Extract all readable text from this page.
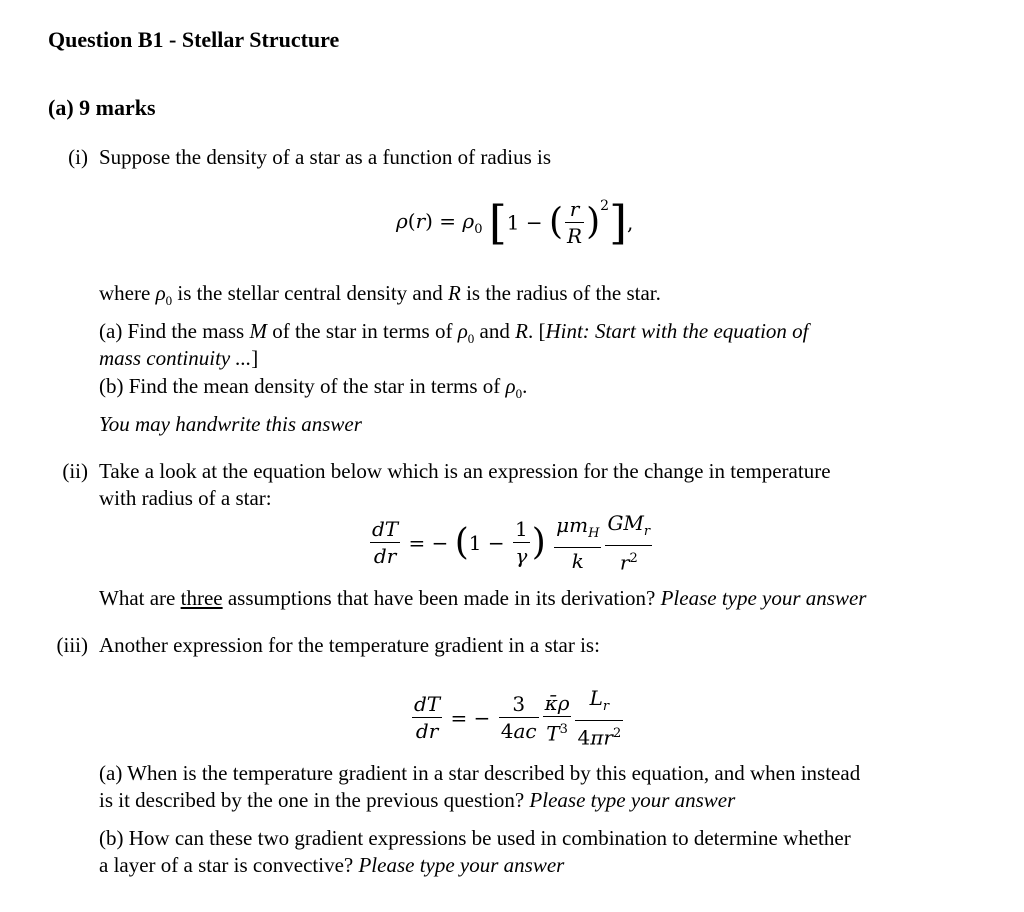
Question B1 - Stellar Structure
(a) 9 marks
(i) Suppose the density of a star as a function of radius is
$\rho(r) = \rho_0$ [1 − ( $\frac{r}{R} )^2$],
where $\rho_0$ is the stellar central density and R is the radius of the star.
(a) Find the mass M of the star in terms of $\rho_0$ and R. [Hint: Start with the equation of
mass continuity ...]
(b) Find the mean density of the star in terms of $\rho_0$.
You may handwrite this answer
(ii) Take a look at the equation below which is an expression for the change in temperature
with radius of a star:
$\frac{dT}{dr}$ = − ($1 - \frac{1}{\gamma}$ ) $\frac{\mu m_H}{k} \frac{GM_r}{r^2}$
What are three assumptions that have been made in its derivation? Please type your answer
(iii) Another expression for the temperature gradient in a star is:
$\frac{dT}{dr}$ = − $\frac{3}{4ac} \frac{\kappā\rho}{T^3} \frac{L_r}{4\pi r^2}$
(a) When is the temperature gradient in a star described by this equation, and when instead
is it described by the one in the previous question? Please type your answer
(b) How can these two gradient expressions be used in combination to determine whether
a layer of a star is convective? Please type your answer
